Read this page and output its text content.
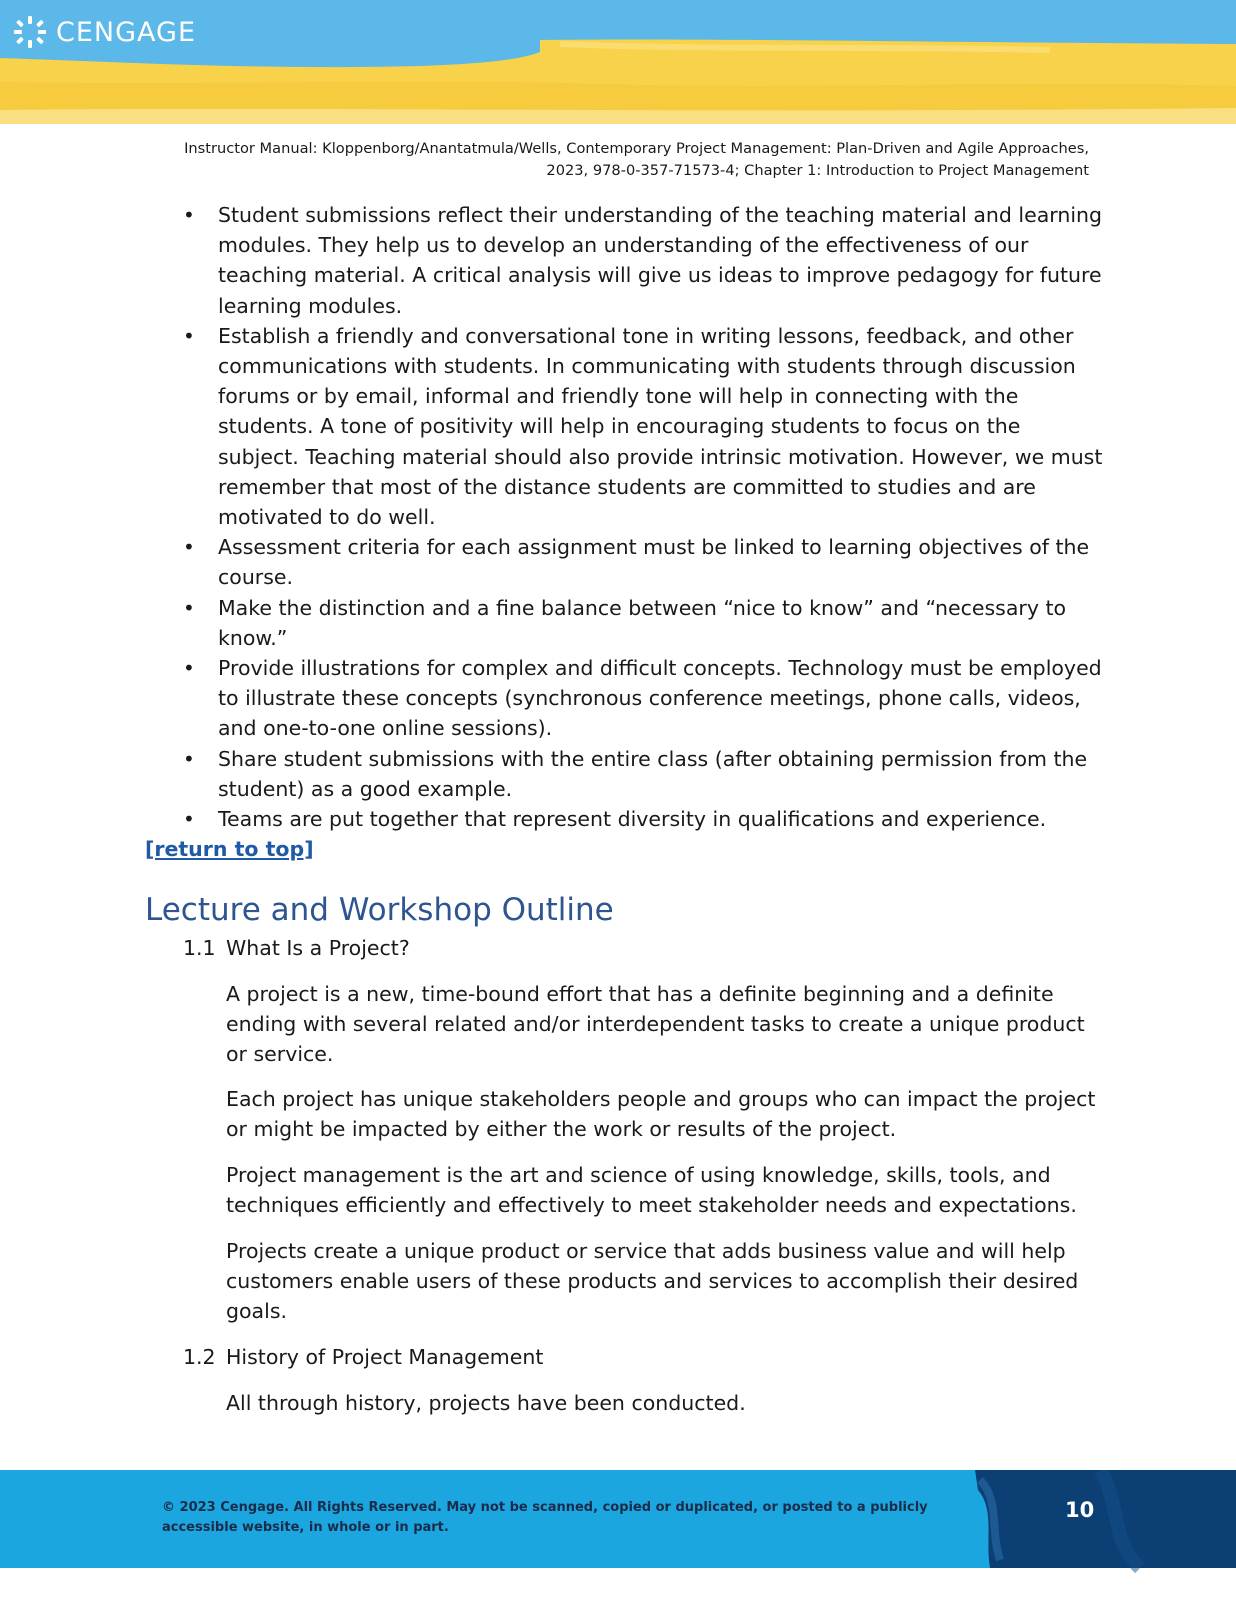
CENGAGE
Instructor Manual: Kloppenborg/Anantatmula/Wells, Contemporary Project Management: Plan-Driven and Agile Approaches,
2023, 978-0-357-71573-4; Chapter 1: Introduction to Project Management
• Student submissions reflect their understanding of the teaching material and learning modules. They help us to develop an understanding of the effectiveness of our teaching material. A critical analysis will give us ideas to improve pedagogy for future learning modules.
• Establish a friendly and conversational tone in writing lessons, feedback, and other communications with students. In communicating with students through discussion forums or by email, informal and friendly tone will help in connecting with the students. A tone of positivity will help in encouraging students to focus on the subject. Teaching material should also provide intrinsic motivation. However, we must remember that most of the distance students are committed to studies and are motivated to do well.
• Assessment criteria for each assignment must be linked to learning objectives of the course.
• Make the distinction and a fine balance between “nice to know” and “necessary to know.”
• Provide illustrations for complex and difficult concepts. Technology must be employed to illustrate these concepts (synchronous conference meetings, phone calls, videos, and one-to-one online sessions).
• Share student submissions with the entire class (after obtaining permission from the student) as a good example.
• Teams are put together that represent diversity in qualifications and experience.
[return to top]
Lecture and Workshop Outline
1.1 What Is a Project?

A project is a new, time-bound effort that has a definite beginning and a definite ending with several related and/or interdependent tasks to create a unique product or service.

Each project has unique stakeholders people and groups who can impact the project or might be impacted by either the work or results of the project.

Project management is the art and science of using knowledge, skills, tools, and techniques efficiently and effectively to meet stakeholder needs and expectations.

Projects create a unique product or service that adds business value and will help customers enable users of these products and services to accomplish their desired goals.

1.2 History of Project Management

All through history, projects have been conducted.

© 2023 Cengage. All Rights Reserved. May not be scanned, copied or duplicated, or posted to a publicly accessible website, in whole or in part.
10
